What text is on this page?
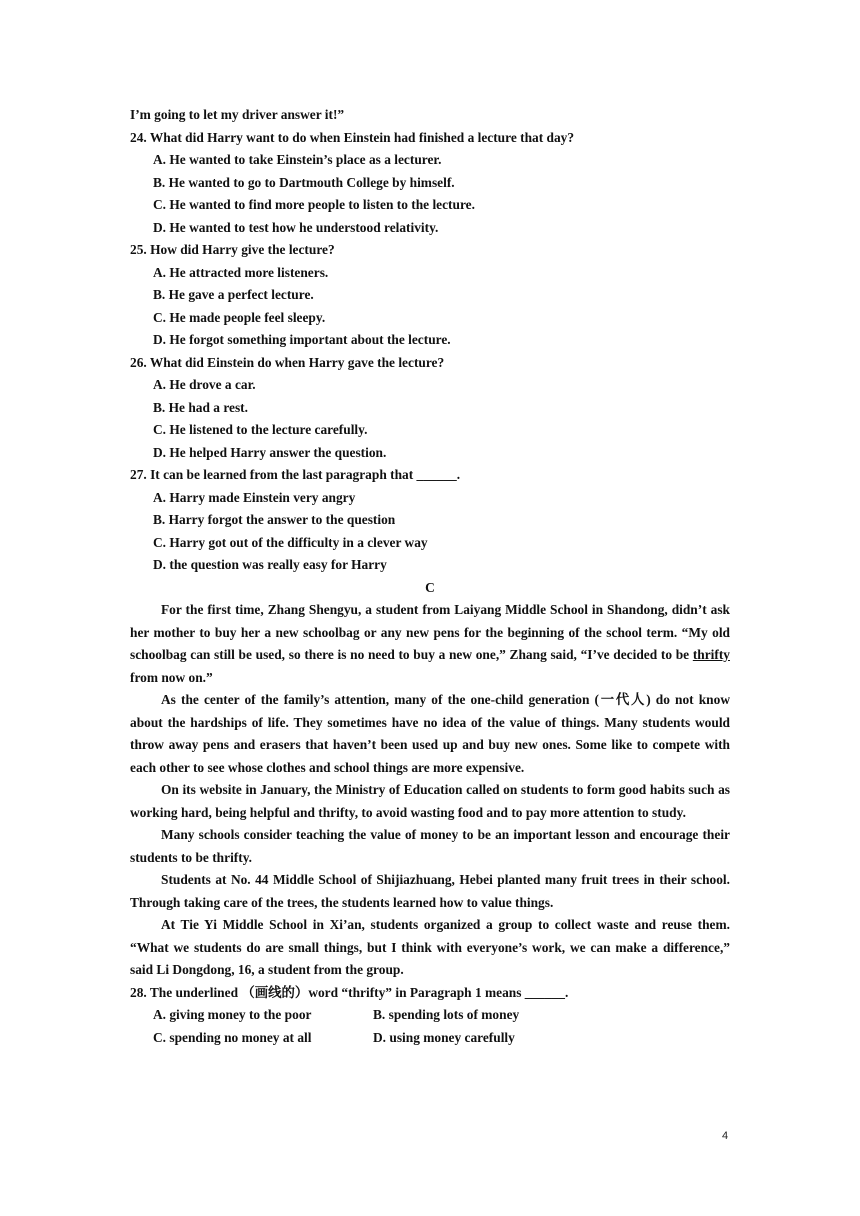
I’m going to let my driver answer it!”

24. What did Harry want to do when Einstein had finished a lecture that day?

A. He wanted to take Einstein’s place as a lecturer.

B. He wanted to go to Dartmouth College by himself.

C. He wanted to find more people to listen to the lecture.

D. He wanted to test how he understood relativity.

25. How did Harry give the lecture?

A. He attracted more listeners.

B. He gave a perfect lecture.

C. He made people feel sleepy.

D. He forgot something important about the lecture.

26. What did Einstein do when Harry gave the lecture?

A. He drove a car.

B. He had a rest.

C. He listened to the lecture carefully.

D. He helped Harry answer the question.

27. It can be learned from the last paragraph that ______.

A. Harry made Einstein very angry

B. Harry forgot the answer to the question

C. Harry got out of the difficulty in a clever way

D. the question was really easy for Harry

C

For the first time, Zhang Shengyu, a student from Laiyang Middle School in Shandong, didn’t ask her mother to buy her a new schoolbag or any new pens for the beginning of the school term. “My old schoolbag can still be used, so there is no need to buy a new one,” Zhang said, “I’ve decided to be thrifty from now on.”

As the center of the family’s attention, many of the one-child generation (一代人) do not know about the hardships of life. They sometimes have no idea of the value of things. Many students would throw away pens and erasers that haven’t been used up and buy new ones. Some like to compete with each other to see whose clothes and school things are more expensive.

On its website in January, the Ministry of Education called on students to form good habits such as working hard, being helpful and thrifty, to avoid wasting food and to pay more attention to study.

Many schools consider teaching the value of money to be an important lesson and encourage their students to be thrifty.

Students at No. 44 Middle School of Shijiazhuang, Hebei planted many fruit trees in their school. Through taking care of the trees, the students learned how to value things.

At Tie Yi Middle School in Xi’an, students organized a group to collect waste and reuse them. “What we students do are small things, but I think with everyone’s work, we can make a difference,” said Li Dongdong, 16, a student from the group.

28. The underlined （画线的）word “thrifty” in Paragraph 1 means ______.

A. giving money to the poor	B. spending lots of money
C. spending no money at all	D. using money carefully
4
